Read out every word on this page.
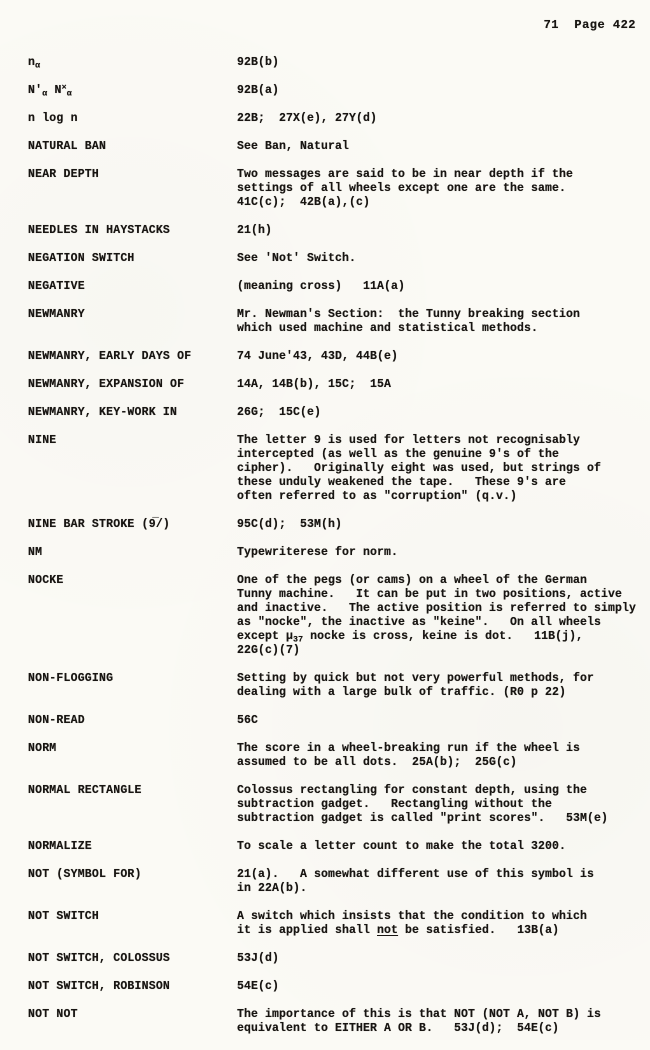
71  Page 422
$n_\alpha$	92B(b)
$N'_\alpha$ $N^\times_\alpha$	92B(a)
n log n	22B;  27X(e), 27Y(d)
NATURAL BAN	See Ban, Natural
NEAR DEPTH	Two messages are said to be in near depth if the
settings of all wheels except one are the same.
41C(c);  42B(a),(c)
NEEDLES IN HAYSTACKS	21(h)
NEGATION SWITCH	See 'Not' Switch.
NEGATIVE	(meaning cross)   11A(a)
NEWMANRY	Mr. Newman's Section:  the Tunny breaking section
which used machine and statistical methods.
NEWMANRY, EARLY DAYS OF	74 June'43, 43D, 44B(e)
NEWMANRY, EXPANSION OF	14A, 14B(b), 15C;  15A
NEWMANRY, KEY-WORK IN	26G;  15C(e)
NINE	The letter 9 is used for letters not recognisably
intercepted (as well as the genuine 9's of the
cipher).   Originally eight was used, but strings of
these unduly weakened the tape.   These 9's are
often referred to as "corruption" (q.v.)
NINE BAR STROKE (9̅/)	95C(d);  53M(h)
NM	Typewriterese for norm.
NOCKE	One of the pegs (or cams) on a wheel of the German
Tunny machine.   It can be put in two positions, active
and inactive.   The active position is referred to simply
as "nocke", the inactive as "keine".   On all wheels
except $\mu_{37}$ nocke is cross, keine is dot.   11B(j),
22G(c)(7)
NON-FLOGGING	Setting by quick but not very powerful methods, for
dealing with a large bulk of traffic. (R0 p 22)
NON-READ	56C
NORM	The score in a wheel-breaking run if the wheel is
assumed to be all dots.  25A(b);  25G(c)
NORMAL RECTANGLE	Colossus rectangling for constant depth, using the
subtraction gadget.   Rectangling without the
subtraction gadget is called "print scores".   53M(e)
NORMALIZE	To scale a letter count to make the total 3200.
NOT (SYMBOL FOR)	21(a).   A somewhat different use of this symbol is
in 22A(b).
NOT SWITCH	A switch which insists that the condition to which
it is applied shall not be satisfied.   13B(a)
NOT SWITCH, COLOSSUS	53J(d)
NOT SWITCH, ROBINSON	54E(c)
NOT NOT	The importance of this is that NOT (NOT A, NOT B) is
equivalent to EITHER A OR B.   53J(d);  54E(c)
